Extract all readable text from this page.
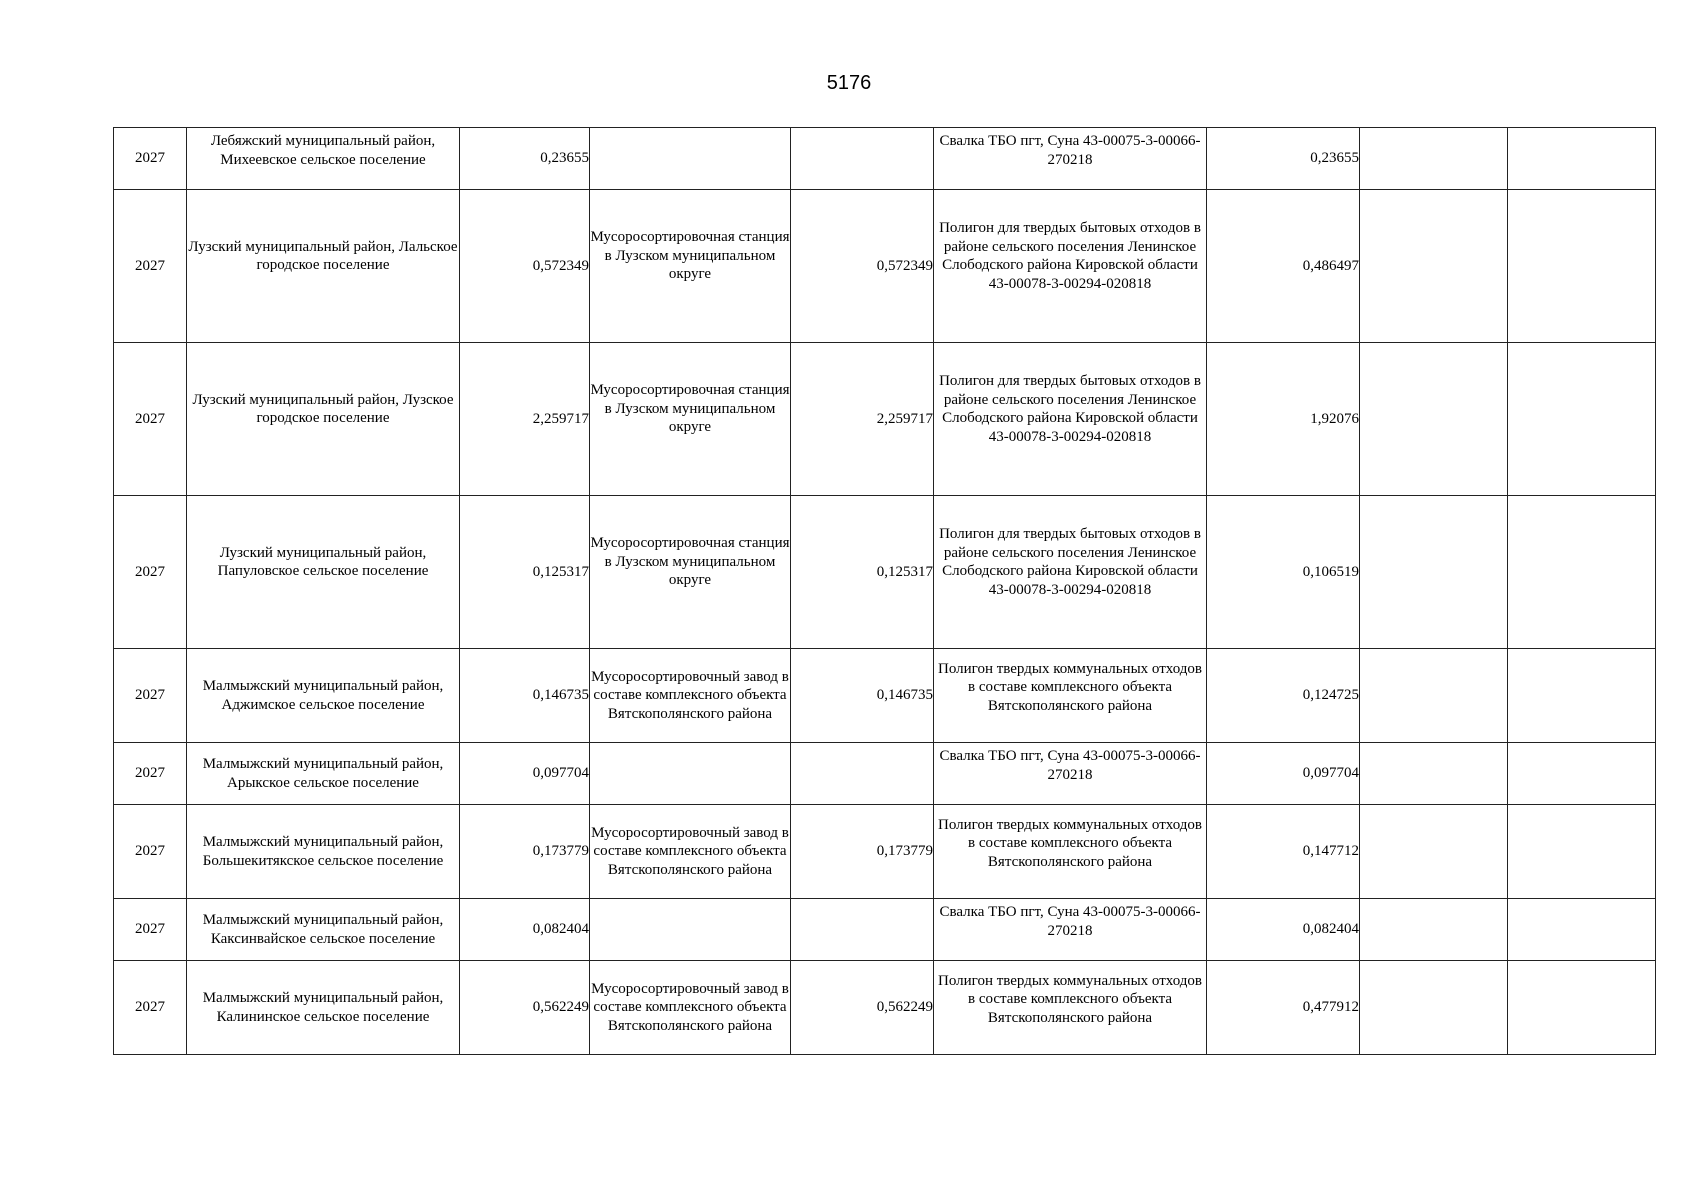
5176
2027	Лебяжский муниципальный район, Михеевское сельское поселение	0,23655			Свалка ТБО пгт, Суна 43-00075-3-00066-270218	0,23655		
2027	Лузский муниципальный район, Лальское городское поселение	0,572349	Мусоросортировочная станция в Лузском муниципальном округе	0,572349	Полигон для твердых бытовых отходов в районе сельского поселения Ленинское Слободского района Кировской области 43-00078-3-00294-020818	0,486497		
2027	Лузский муниципальный район, Лузское городское поселение	2,259717	Мусоросортировочная станция в Лузском муниципальном округе	2,259717	Полигон для твердых бытовых отходов в районе сельского поселения Ленинское Слободского района Кировской области 43-00078-3-00294-020818	1,92076		
2027	Лузский муниципальный район, Папуловское сельское поселение	0,125317	Мусоросортировочная станция в Лузском муниципальном округе	0,125317	Полигон для твердых бытовых отходов в районе сельского поселения Ленинское Слободского района Кировской области 43-00078-3-00294-020818	0,106519		
2027	Малмыжский муниципальный район, Аджимское сельское поселение	0,146735	Мусоросортировочный завод в составе комплексного объекта Вятскополянского района	0,146735	Полигон твердых коммунальных отходов в составе комплексного объекта Вятскополянского района	0,124725		
2027	Малмыжский муниципальный район, Арыкское сельское поселение	0,097704			Свалка ТБО пгт, Суна 43-00075-3-00066-270218	0,097704		
2027	Малмыжский муниципальный район, Большекитякское сельское поселение	0,173779	Мусоросортировочный завод в составе комплексного объекта Вятскополянского района	0,173779	Полигон твердых коммунальных отходов в составе комплексного объекта Вятскополянского района	0,147712		
2027	Малмыжский муниципальный район, Каксинвайское сельское поселение	0,082404			Свалка ТБО пгт, Суна 43-00075-3-00066-270218	0,082404		
2027	Малмыжский муниципальный район, Калининское сельское поселение	0,562249	Мусоросортировочный завод в составе комплексного объекта Вятскополянского района	0,562249	Полигон твердых коммунальных отходов в составе комплексного объекта Вятскополянского района	0,477912		
